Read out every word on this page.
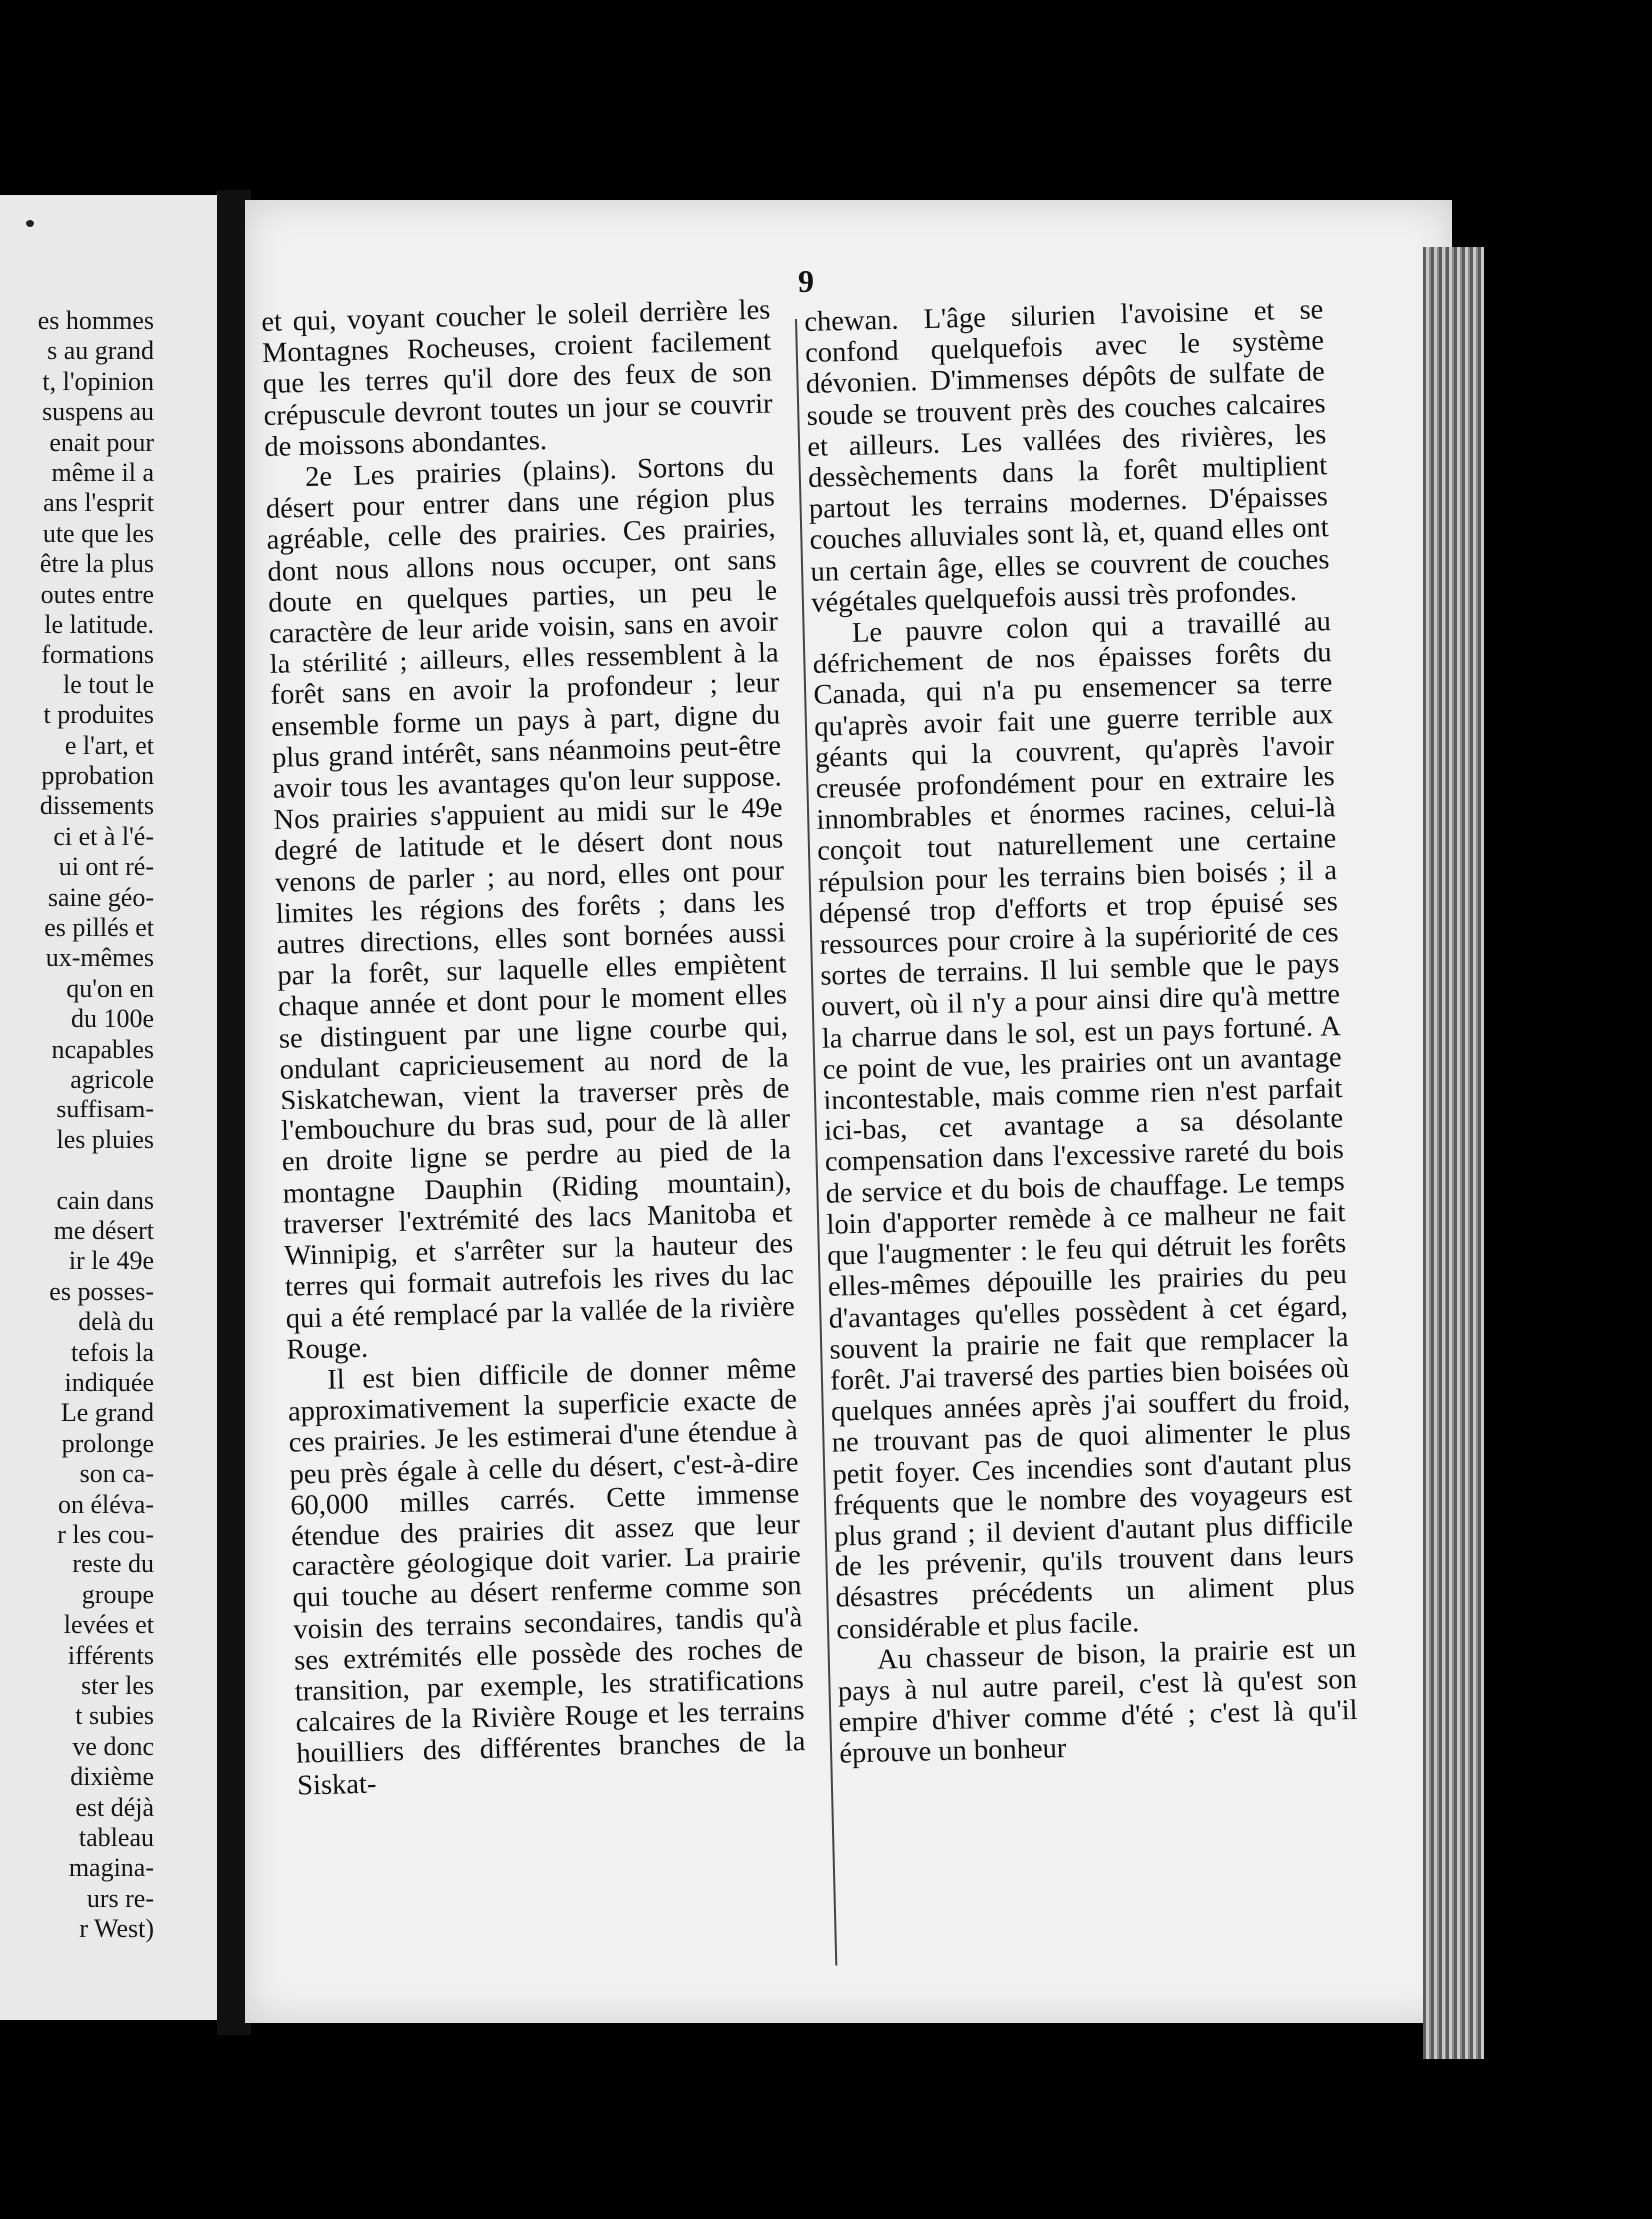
es hommes
s au grand
t, l'opinion
suspens au
enait pour
même il a
ans l'esprit
ute que les
être la plus
outes entre
le latitude.
formations
le tout le
t produites
e l'art, et
pprobation
dissements
ci et à l'é-
ui ont ré-
saine géo-
es pillés et
ux-mêmes
qu'on en
du 100e
ncapables
agricole
suffisam-
les pluies
cain dans
me désert
ir le 49e
es posses-
delà du
tefois la
indiquée
Le grand
prolonge
son ca-
on éléva-
r les cou-
reste du
groupe
levées et
ifférents
ster les
t subies
ve donc
dixième
est déjà
tableau
magina-
urs re-
r West)
9

et qui, voyant coucher le soleil derrière les Montagnes Rocheuses, croient facilement que les terres qu'il dore des feux de son crépuscule devront toutes un jour se couvrir de moissons abondantes.

2e Les prairies (plains). Sortons du désert pour entrer dans une région plus agréable, celle des prairies. Ces prairies, dont nous allons nous occuper, ont sans doute en quelques parties, un peu le caractère de leur aride voisin, sans en avoir la stérilité ; ailleurs, elles ressemblent à la forêt sans en avoir la profondeur ; leur ensemble forme un pays à part, digne du plus grand intérêt, sans néanmoins peut-être avoir tous les avantages qu'on leur suppose. Nos prairies s'appuient au midi sur le 49e degré de latitude et le désert dont nous venons de parler ; au nord, elles ont pour limites les régions des forêts ; dans les autres directions, elles sont bornées aussi par la forêt, sur laquelle elles empiètent chaque année et dont pour le moment elles se distinguent par une ligne courbe qui, ondulant capricieusement au nord de la Siskatchewan, vient la traverser près de l'embouchure du bras sud, pour de là aller en droite ligne se perdre au pied de la montagne Dauphin (Riding mountain), traverser l'extrémité des lacs Manitoba et Winnipig, et s'arrêter sur la hauteur des terres qui formait autrefois les rives du lac qui a été remplacé par la vallée de la rivière Rouge.

Il est bien difficile de donner même approximativement la superficie exacte de ces prairies. Je les estimerai d'une étendue à peu près égale à celle du désert, c'est-à-dire 60,000 milles carrés. Cette immense étendue des prairies dit assez que leur caractère géologique doit varier. La prairie qui touche au désert renferme comme son voisin des terrains secondaires, tandis qu'à ses extrémités elle possède des roches de transition, par exemple, les stratifications calcaires de la Rivière Rouge et les terrains houilliers des différentes branches de la Siskat-

chewan. L'âge silurien l'avoisine et se confond quelquefois avec le système dévonien. D'immenses dépôts de sulfate de soude se trouvent près des couches calcaires et ailleurs. Les vallées des rivières, les dessèchements dans la forêt multiplient partout les terrains modernes. D'épaisses couches alluviales sont là, et, quand elles ont un certain âge, elles se couvrent de couches végétales quelquefois aussi très profondes.

Le pauvre colon qui a travaillé au défrichement de nos épaisses forêts du Canada, qui n'a pu ensemencer sa terre qu'après avoir fait une guerre terrible aux géants qui la couvrent, qu'après l'avoir creusée profondément pour en extraire les innombrables et énormes racines, celui-là conçoit tout naturellement une certaine répulsion pour les terrains bien boisés ; il a dépensé trop d'efforts et trop épuisé ses ressources pour croire à la supériorité de ces sortes de terrains. Il lui semble que le pays ouvert, où il n'y a pour ainsi dire qu'à mettre la charrue dans le sol, est un pays fortuné. A ce point de vue, les prairies ont un avantage incontestable, mais comme rien n'est parfait ici-bas, cet avantage a sa désolante compensation dans l'excessive rareté du bois de service et du bois de chauffage. Le temps loin d'apporter remède à ce malheur ne fait que l'augmenter : le feu qui détruit les forêts elles-mêmes dépouille les prairies du peu d'avantages qu'elles possèdent à cet égard, souvent la prairie ne fait que remplacer la forêt. J'ai traversé des parties bien boisées où quelques années après j'ai souffert du froid, ne trouvant pas de quoi alimenter le plus petit foyer. Ces incendies sont d'autant plus fréquents que le nombre des voyageurs est plus grand ; il devient d'autant plus difficile de les prévenir, qu'ils trouvent dans leurs désastres précédents un aliment plus considérable et plus facile.

Au chasseur de bison, la prairie est un pays à nul autre pareil, c'est là qu'est son empire d'hiver comme d'été ; c'est là qu'il éprouve un bonheur
